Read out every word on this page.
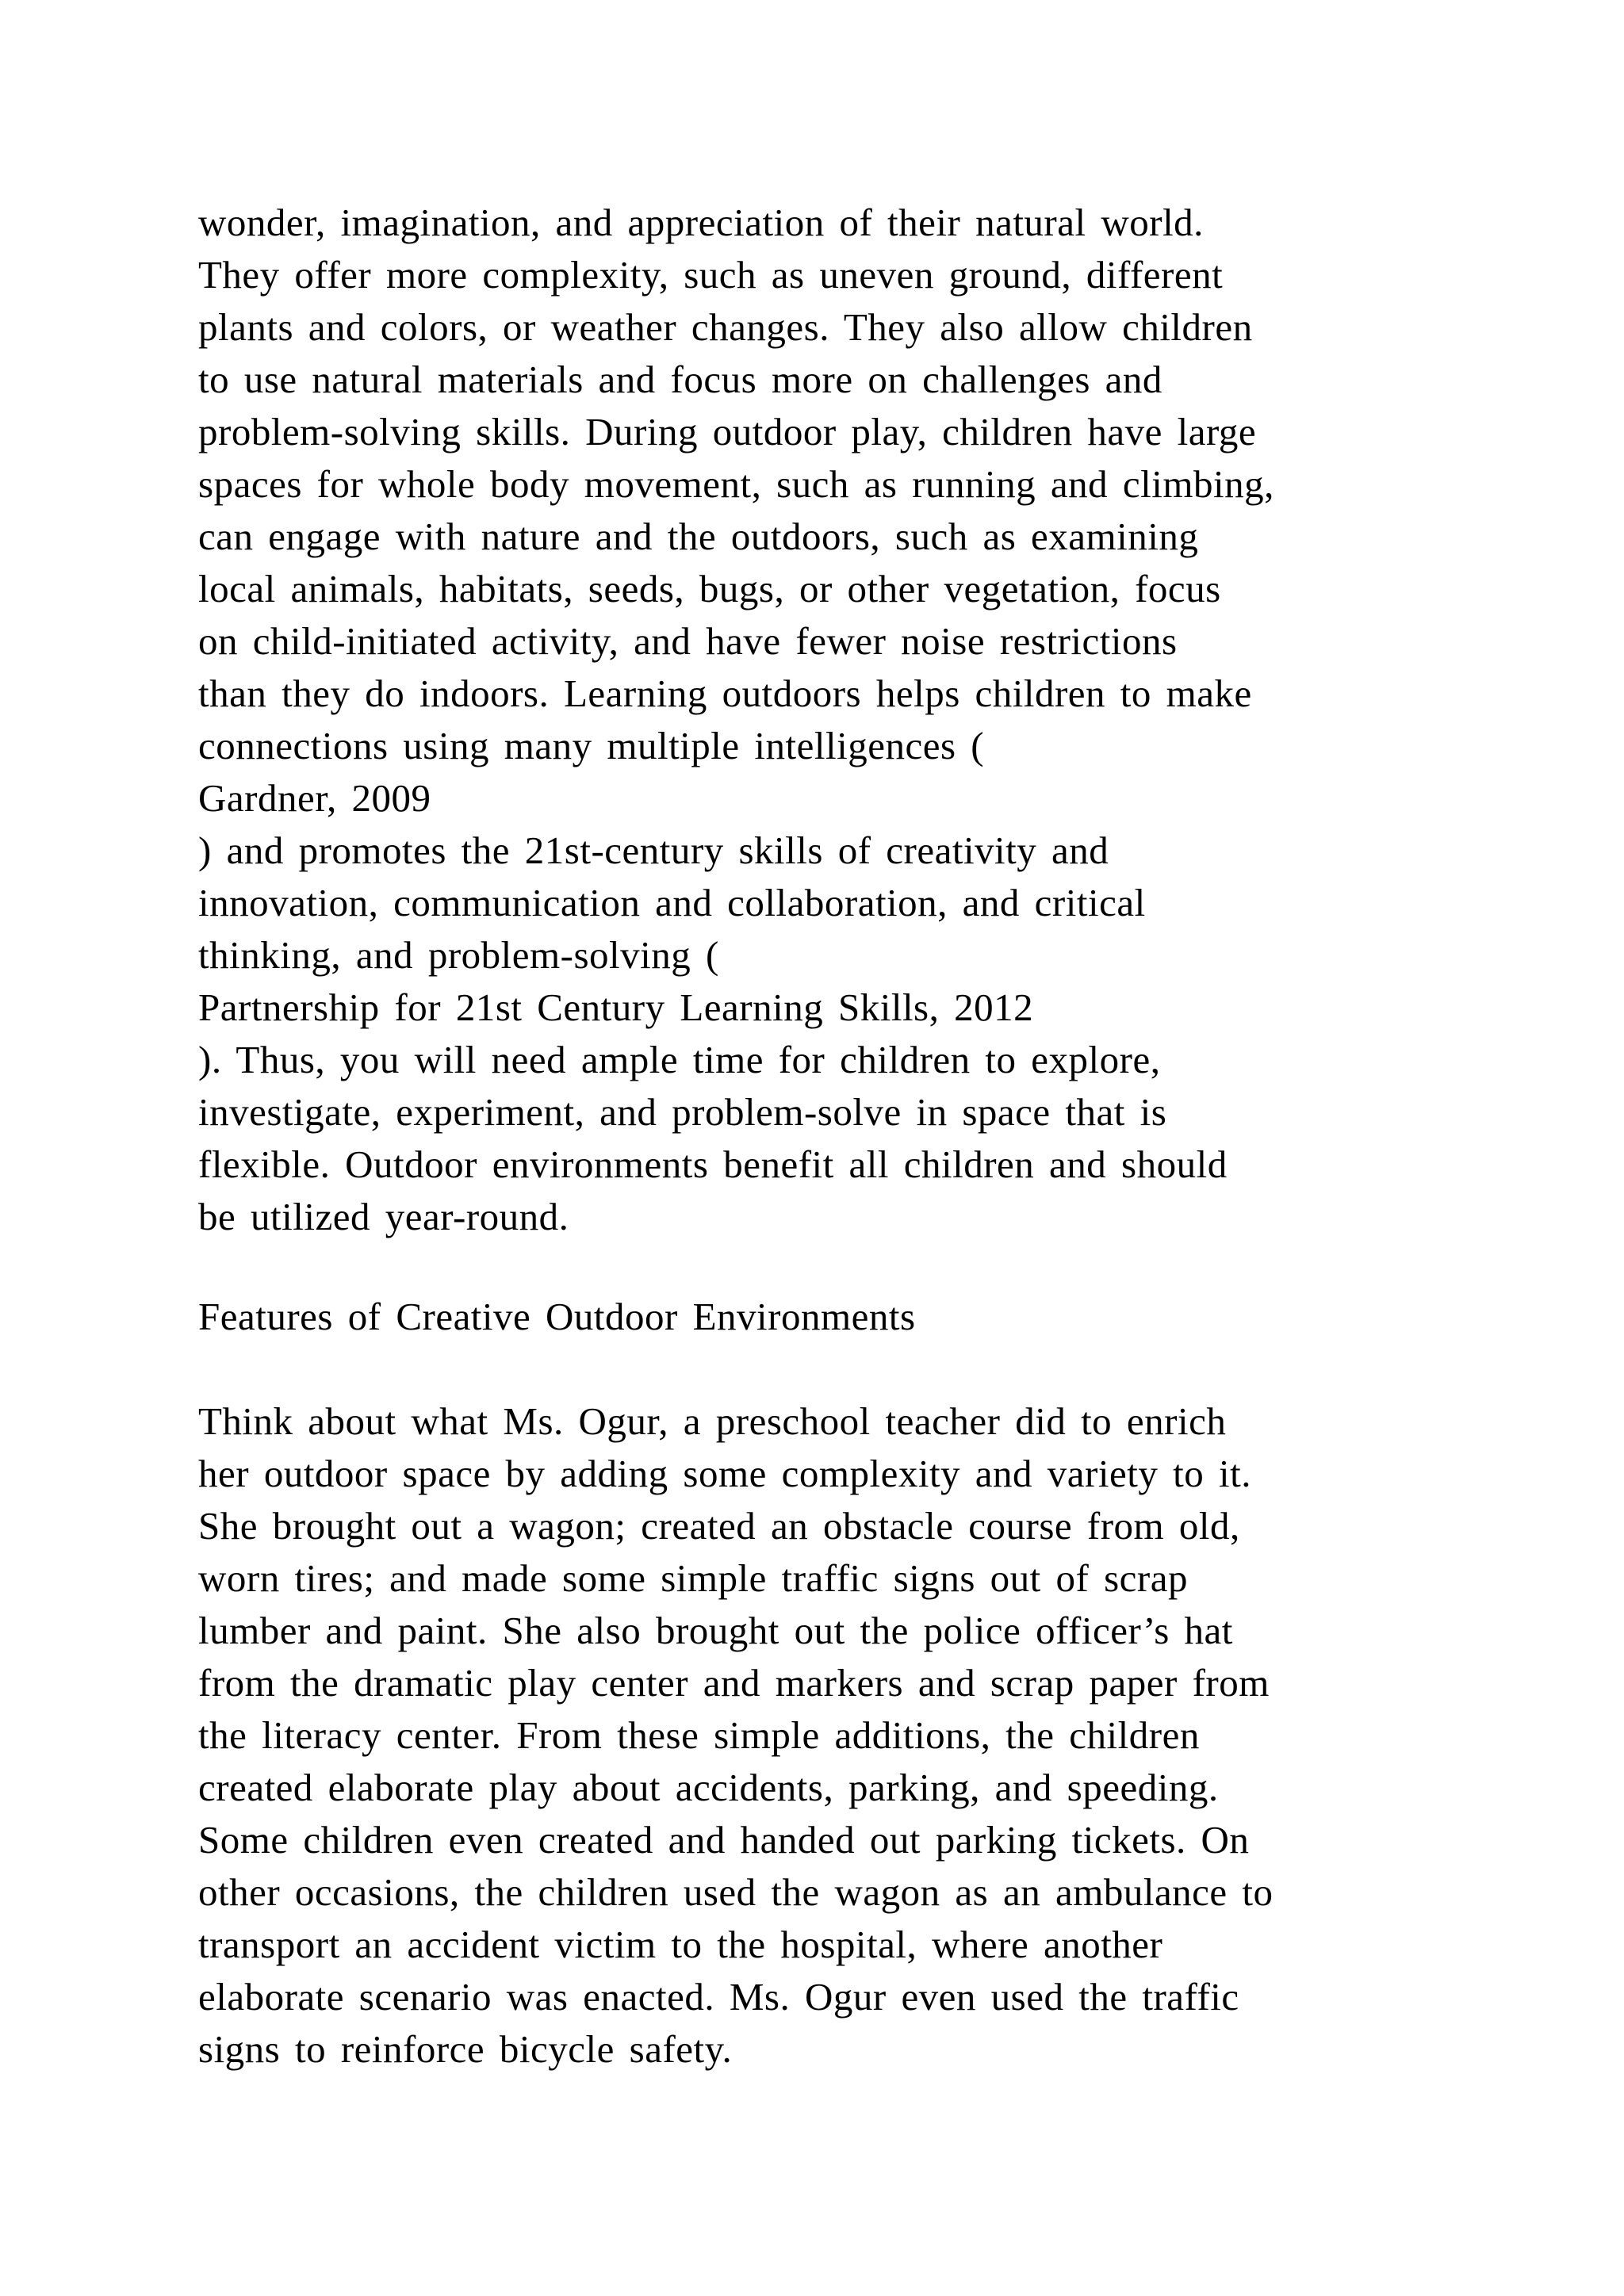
wonder, imagination, and appreciation of their natural world.
They offer more complexity, such as uneven ground, different
plants and colors, or weather changes. They also allow children
to use natural materials and focus more on challenges and
problem-solving skills. During outdoor play, children have large
spaces for whole body movement, such as running and climbing,
can engage with nature and the outdoors, such as examining
local animals, habitats, seeds, bugs, or other vegetation, focus
on child-initiated activity, and have fewer noise restrictions
than they do indoors. Learning outdoors helps children to make
connections using many multiple intelligences (
Gardner, 2009
) and promotes the 21st-century skills of creativity and
innovation, communication and collaboration, and critical
thinking, and problem-solving (
Partnership for 21st Century Learning Skills, 2012
). Thus, you will need ample time for children to explore,
investigate, experiment, and problem-solve in space that is
flexible. Outdoor environments benefit all children and should
be utilized year-round.
Features of Creative Outdoor Environments
Think about what Ms. Ogur, a preschool teacher did to enrich
her outdoor space by adding some complexity and variety to it.
She brought out a wagon; created an obstacle course from old,
worn tires; and made some simple traffic signs out of scrap
lumber and paint. She also brought out the police officer’s hat
from the dramatic play center and markers and scrap paper from
the literacy center. From these simple additions, the children
created elaborate play about accidents, parking, and speeding.
Some children even created and handed out parking tickets. On
other occasions, the children used the wagon as an ambulance to
transport an accident victim to the hospital, where another
elaborate scenario was enacted. Ms. Ogur even used the traffic
signs to reinforce bicycle safety.
